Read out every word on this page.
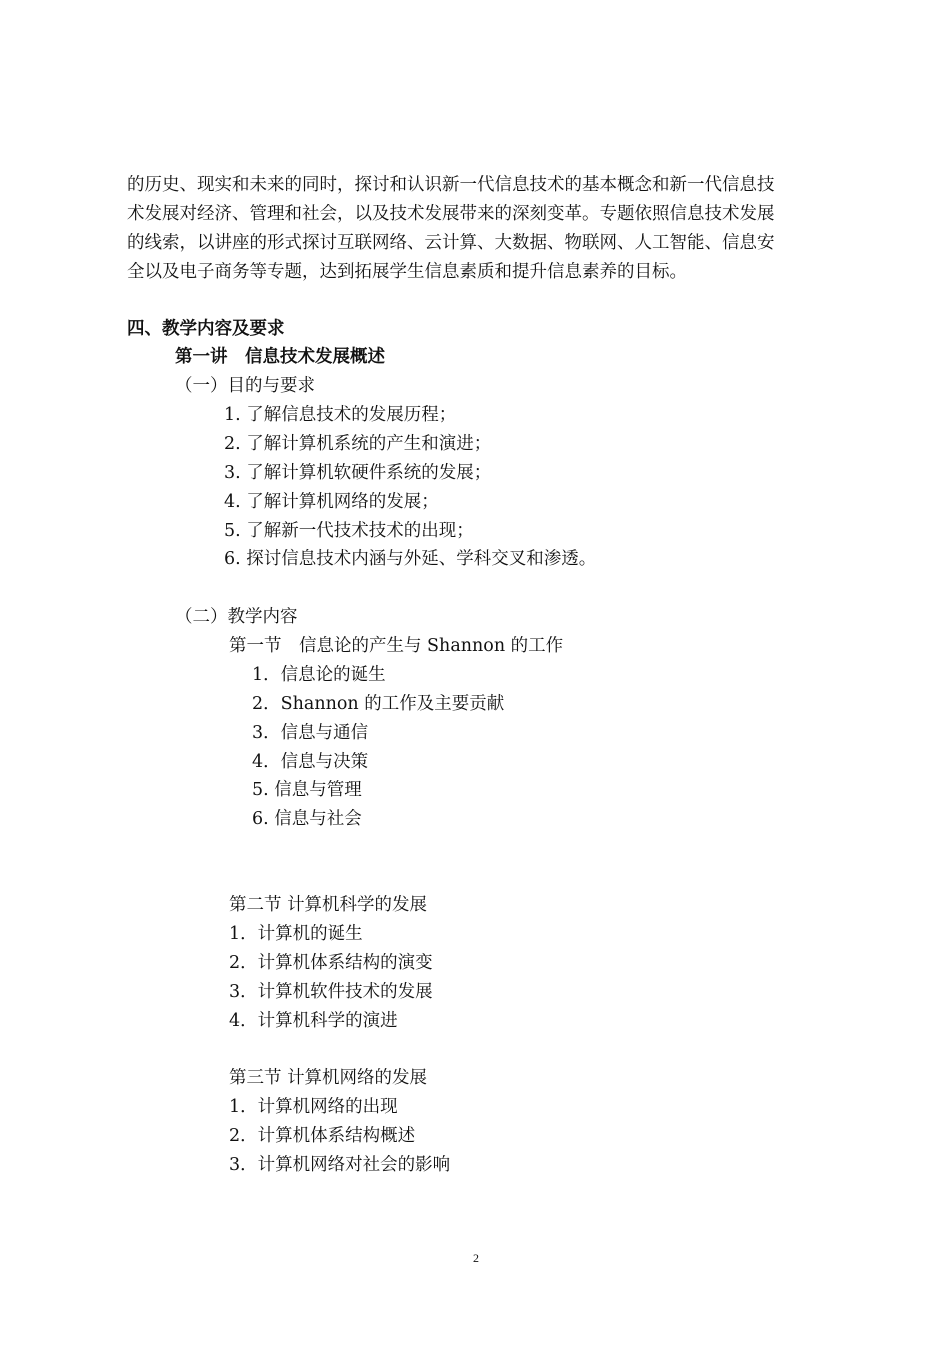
的历史、现实和未来的同时，探讨和认识新一代信息技术的基本概念和新一代信息技
术发展对经济、管理和社会，以及技术发展带来的深刻变革。专题依照信息技术发展
的线索，以讲座的形式探讨互联网络、云计算、大数据、物联网、人工智能、信息安
全以及电子商务等专题，达到拓展学生信息素质和提升信息素养的目标。
四、教学内容及要求
第一讲　信息技术发展概述
（一）目的与要求
1. 了解信息技术的发展历程；
2. 了解计算机系统的产生和演进；
3. 了解计算机软硬件系统的发展；
4. 了解计算机网络的发展；
5. 了解新一代技术技术的出现；
6. 探讨信息技术内涵与外延、学科交叉和渗透。
（二）教学内容
第一节　信息论的产生与 Shannon 的工作
1．信息论的诞生
2．Shannon 的工作及主要贡献
3．信息与通信
4．信息与决策
5. 信息与管理
6. 信息与社会
第二节 计算机科学的发展
1．计算机的诞生
2．计算机体系结构的演变
3．计算机软件技术的发展
4．计算机科学的演进
第三节 计算机网络的发展
1．计算机网络的出现
2．计算机体系结构概述
3．计算机网络对社会的影响
2
